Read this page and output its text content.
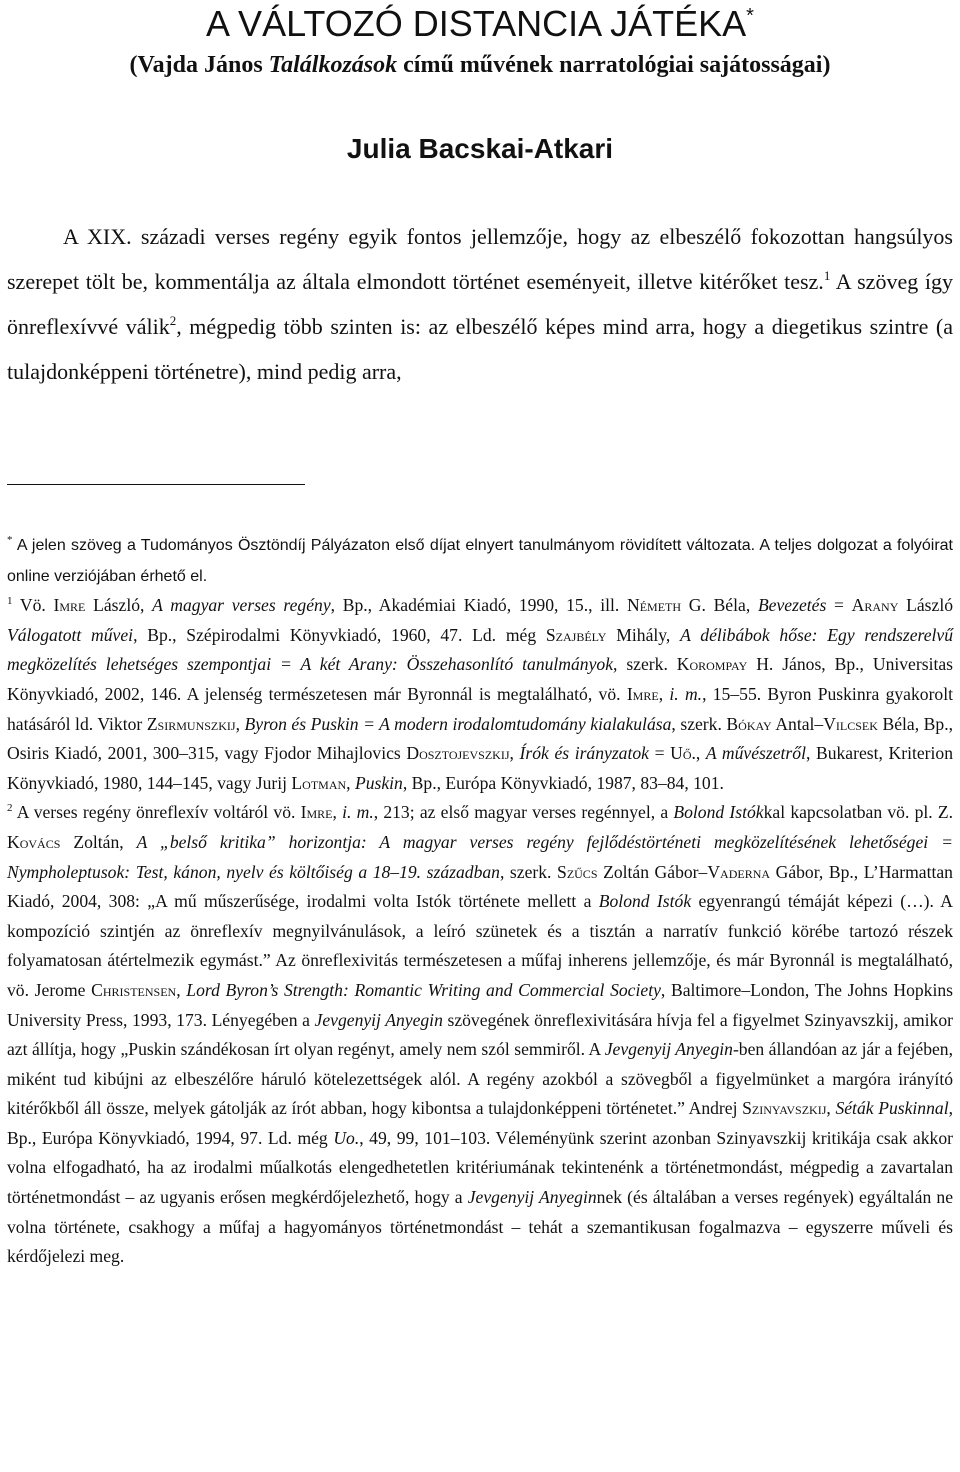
A VÁLTOZÓ DISTANCIA JÁTÉKA*
(Vajda János Találkozások című művének narratológiai sajátosságai)
Julia Bacskai-Atkari

A XIX. századi verses regény egyik fontos jellemzője, hogy az elbeszélő fokozottan hangsúlyos szerepet tölt be, kommentálja az általa elmondott történet eseményeit, illetve kitérőket tesz.$^1$ A szöveg így önreflexívvé válik$^2$, mégpedig több szinten is: az elbeszélő képes mind arra, hogy a diegetikus szintre (a tulajdonképpeni történetre), mind pedig arra,

* A jelen szöveg a Tudományos Ösztöndíj Pályázaton első díjat elnyert tanulmányom rövidített változata. A teljes dolgozat a folyóirat online verziójában érhető el.

$^1$ Vö. Imre László, A magyar verses regény, Bp., Akadémiai Kiadó, 1990, 15., ill. Németh G. Béla, Bevezetés = Arany László Válogatott művei, Bp., Szépirodalmi Könyvkiadó, 1960, 47. Ld. még Szajbély Mihály, A délibábok hőse: Egy rendszerelvű megközelítés lehetséges szempontjai = A két Arany: Összehasonlító tanulmányok, szerk. Korompay H. János, Bp., Universitas Könyvkiadó, 2002, 146. A jelenség természetesen már Byronnál is megtalálható, vö. Imre, i. m., 15–55. Byron Puskinra gyakorolt hatásáról ld. Viktor Zsirmunszkij, Byron és Puskin = A modern irodalomtudomány kialakulása, szerk. Bókay Antal–Vilcsek Béla, Bp., Osiris Kiadó, 2001, 300–315, vagy Fjodor Mihajlovics Dosztojevszkij, Írók és irányzatok = Uő., A művészetről, Bukarest, Kriterion Könyvkiadó, 1980, 144–145, vagy Jurij Lotman, Puskin, Bp., Európa Könyvkiadó, 1987, 83–84, 101.

$^2$ A verses regény önreflexív voltáról vö. Imre, i. m., 213; az első magyar verses regénnyel, a Bolond Istókkal kapcsolatban vö. pl. Z. Kovács Zoltán, A „belső kritika” horizontja: A magyar verses regény fejlődéstörténeti megközelítésének lehetőségei = Nympholeptusok: Test, kánon, nyelv és költőiség a 18–19. században, szerk. Szűcs Zoltán Gábor–Vaderna Gábor, Bp., L’Harmattan Kiadó, 2004, 308: „A mű műszerűsége, irodalmi volta Istók története mellett a Bolond Istók egyenrangú témáját képezi (…). A kompozíció szintjén az önreflexív megnyilvánulások, a leíró szünetek és a tisztán a narratív funkció körébe tartozó részek folyamatosan átértelmezik egymást.” Az önreflexivitás természetesen a műfaj inherens jellemzője, és már Byronnál is megtalálható, vö. Jerome Christensen, Lord Byron’s Strength: Romantic Writing and Commercial Society, Baltimore–London, The Johns Hopkins University Press, 1993, 173. Lényegében a Jevgenyij Anyegin szövegének önreflexivitására hívja fel a figyelmet Szinyavszkij, amikor azt állítja, hogy „Puskin szándékosan írt olyan regényt, amely nem szól semmiről. A Jevgenyij Anyegin-ben állandóan az jár a fejében, miként tud kibújni az elbeszélőre háruló kötelezettségek alól. A regény azokból a szövegből a figyelmünket a margóra irányító kitérőkből áll össze, melyek gátolják az írót abban, hogy kibontsa a tulajdonképpeni történetet.” Andrej Szinyavszkij, Séták Puskinnal, Bp., Európa Könyvkiadó, 1994, 97. Ld. még Uo., 49, 99, 101–103. Véleményünk szerint azonban Szinyavszkij kritikája csak akkor volna elfogadható, ha az irodalmi műalkotás elengedhetetlen kritériumának tekintenénk a történetmondást, mégpedig a zavartalan történetmondást – az ugyanis erősen megkérdőjelezhető, hogy a Jevgenyij Anyeginnek (és általában a verses regények) egyáltalán ne volna története, csakhogy a műfaj a hagyományos történetmondást – tehát a szemantikusan fogalmazva – egyszerre műveli és kérdőjelezi meg.
